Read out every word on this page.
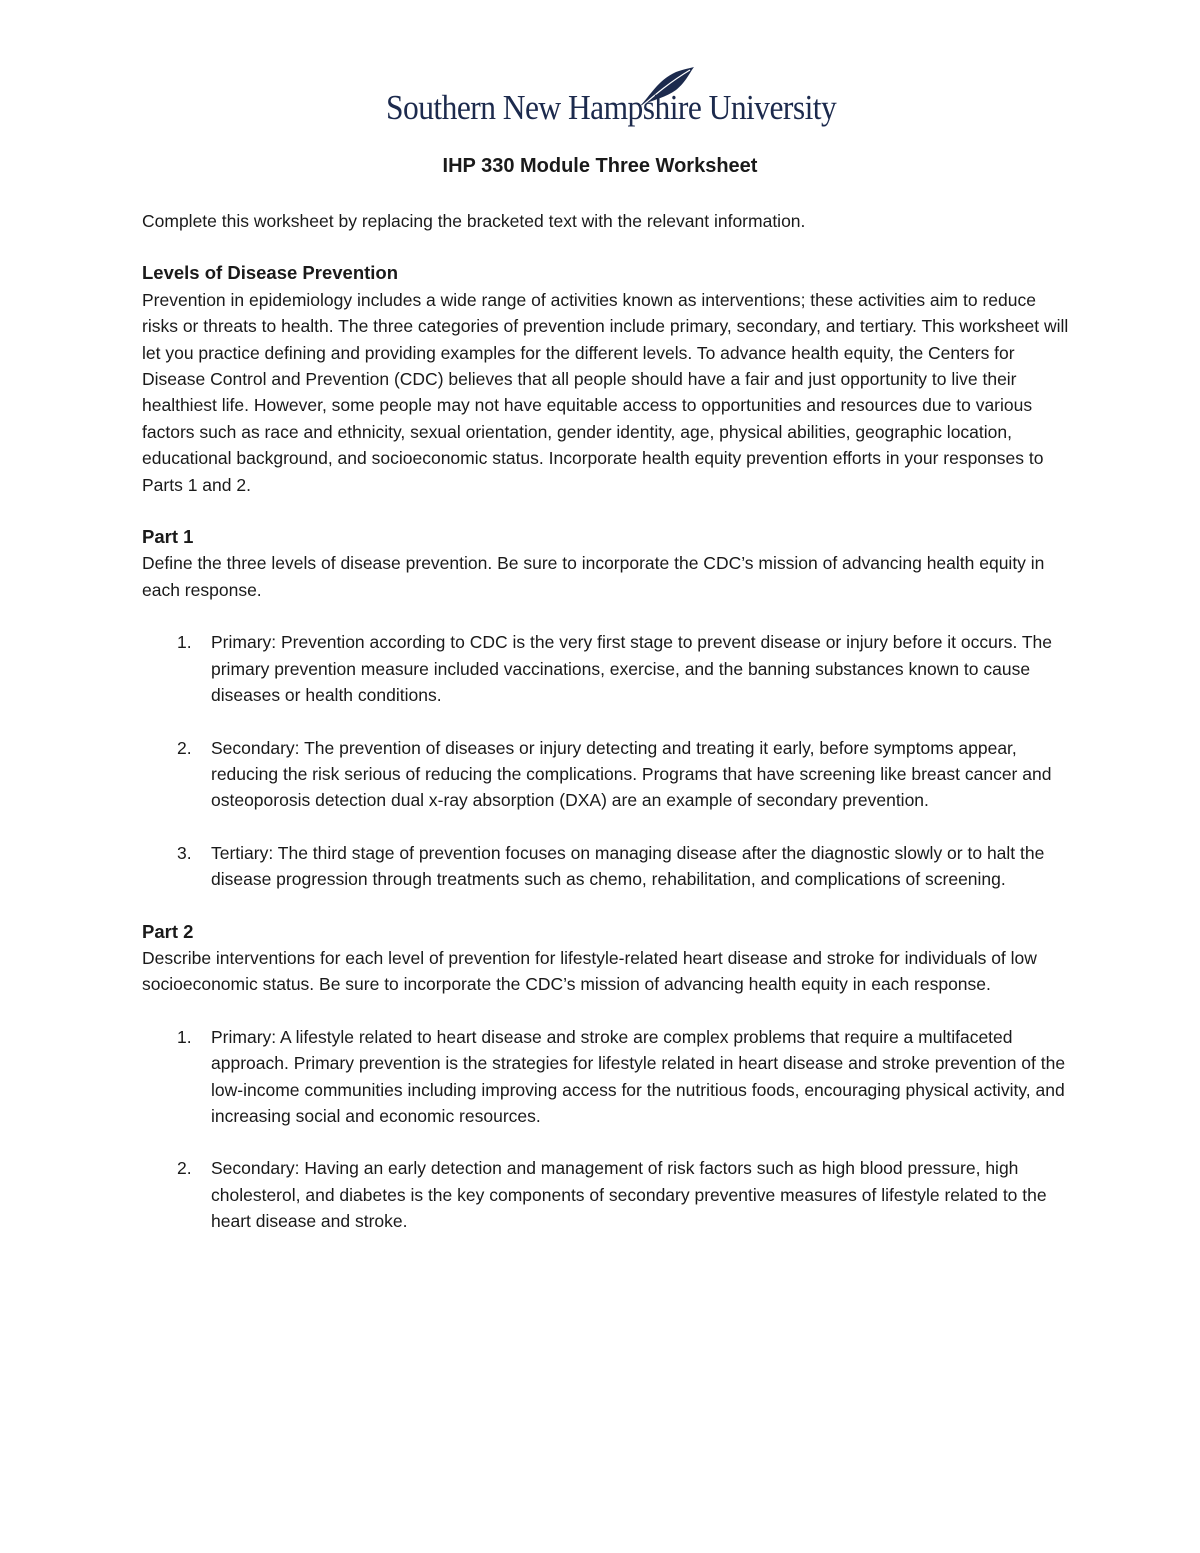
Southern New Hampshire University
IHP 330 Module Three Worksheet

Complete this worksheet by replacing the bracketed text with the relevant information.

Levels of Disease Prevention

Prevention in epidemiology includes a wide range of activities known as interventions; these activities aim to reduce risks or threats to health. The three categories of prevention include primary, secondary, and tertiary. This worksheet will let you practice defining and providing examples for the different levels. To advance health equity, the Centers for Disease Control and Prevention (CDC) believes that all people should have a fair and just opportunity to live their healthiest life. However, some people may not have equitable access to opportunities and resources due to various factors such as race and ethnicity, sexual orientation, gender identity, age, physical abilities, geographic location, educational background, and socioeconomic status. Incorporate health equity prevention efforts in your responses to Parts 1 and 2.

Part 1

Define the three levels of disease prevention. Be sure to incorporate the CDC’s mission of advancing health equity in each response.

1. Primary: Prevention according to CDC is the very first stage to prevent disease or injury before it occurs. The primary prevention measure included vaccinations, exercise, and the banning substances known to cause diseases or health conditions.
2. Secondary: The prevention of diseases or injury detecting and treating it early, before symptoms appear, reducing the risk serious of reducing the complications. Programs that have screening like breast cancer and osteoporosis detection dual x-ray absorption (DXA) are an example of secondary prevention.
3. Tertiary: The third stage of prevention focuses on managing disease after the diagnostic slowly or to halt the disease progression through treatments such as chemo, rehabilitation, and complications of screening.

Part 2

Describe interventions for each level of prevention for lifestyle-related heart disease and stroke for individuals of low socioeconomic status. Be sure to incorporate the CDC’s mission of advancing health equity in each response.

1. Primary: A lifestyle related to heart disease and stroke are complex problems that require a multifaceted approach. Primary prevention is the strategies for lifestyle related in heart disease and stroke prevention of the low-income communities including improving access for the nutritious foods, encouraging physical activity, and increasing social and economic resources.
2. Secondary: Having an early detection and management of risk factors such as high blood pressure, high cholesterol, and diabetes is the key components of secondary preventive measures of lifestyle related to the heart disease and stroke.
